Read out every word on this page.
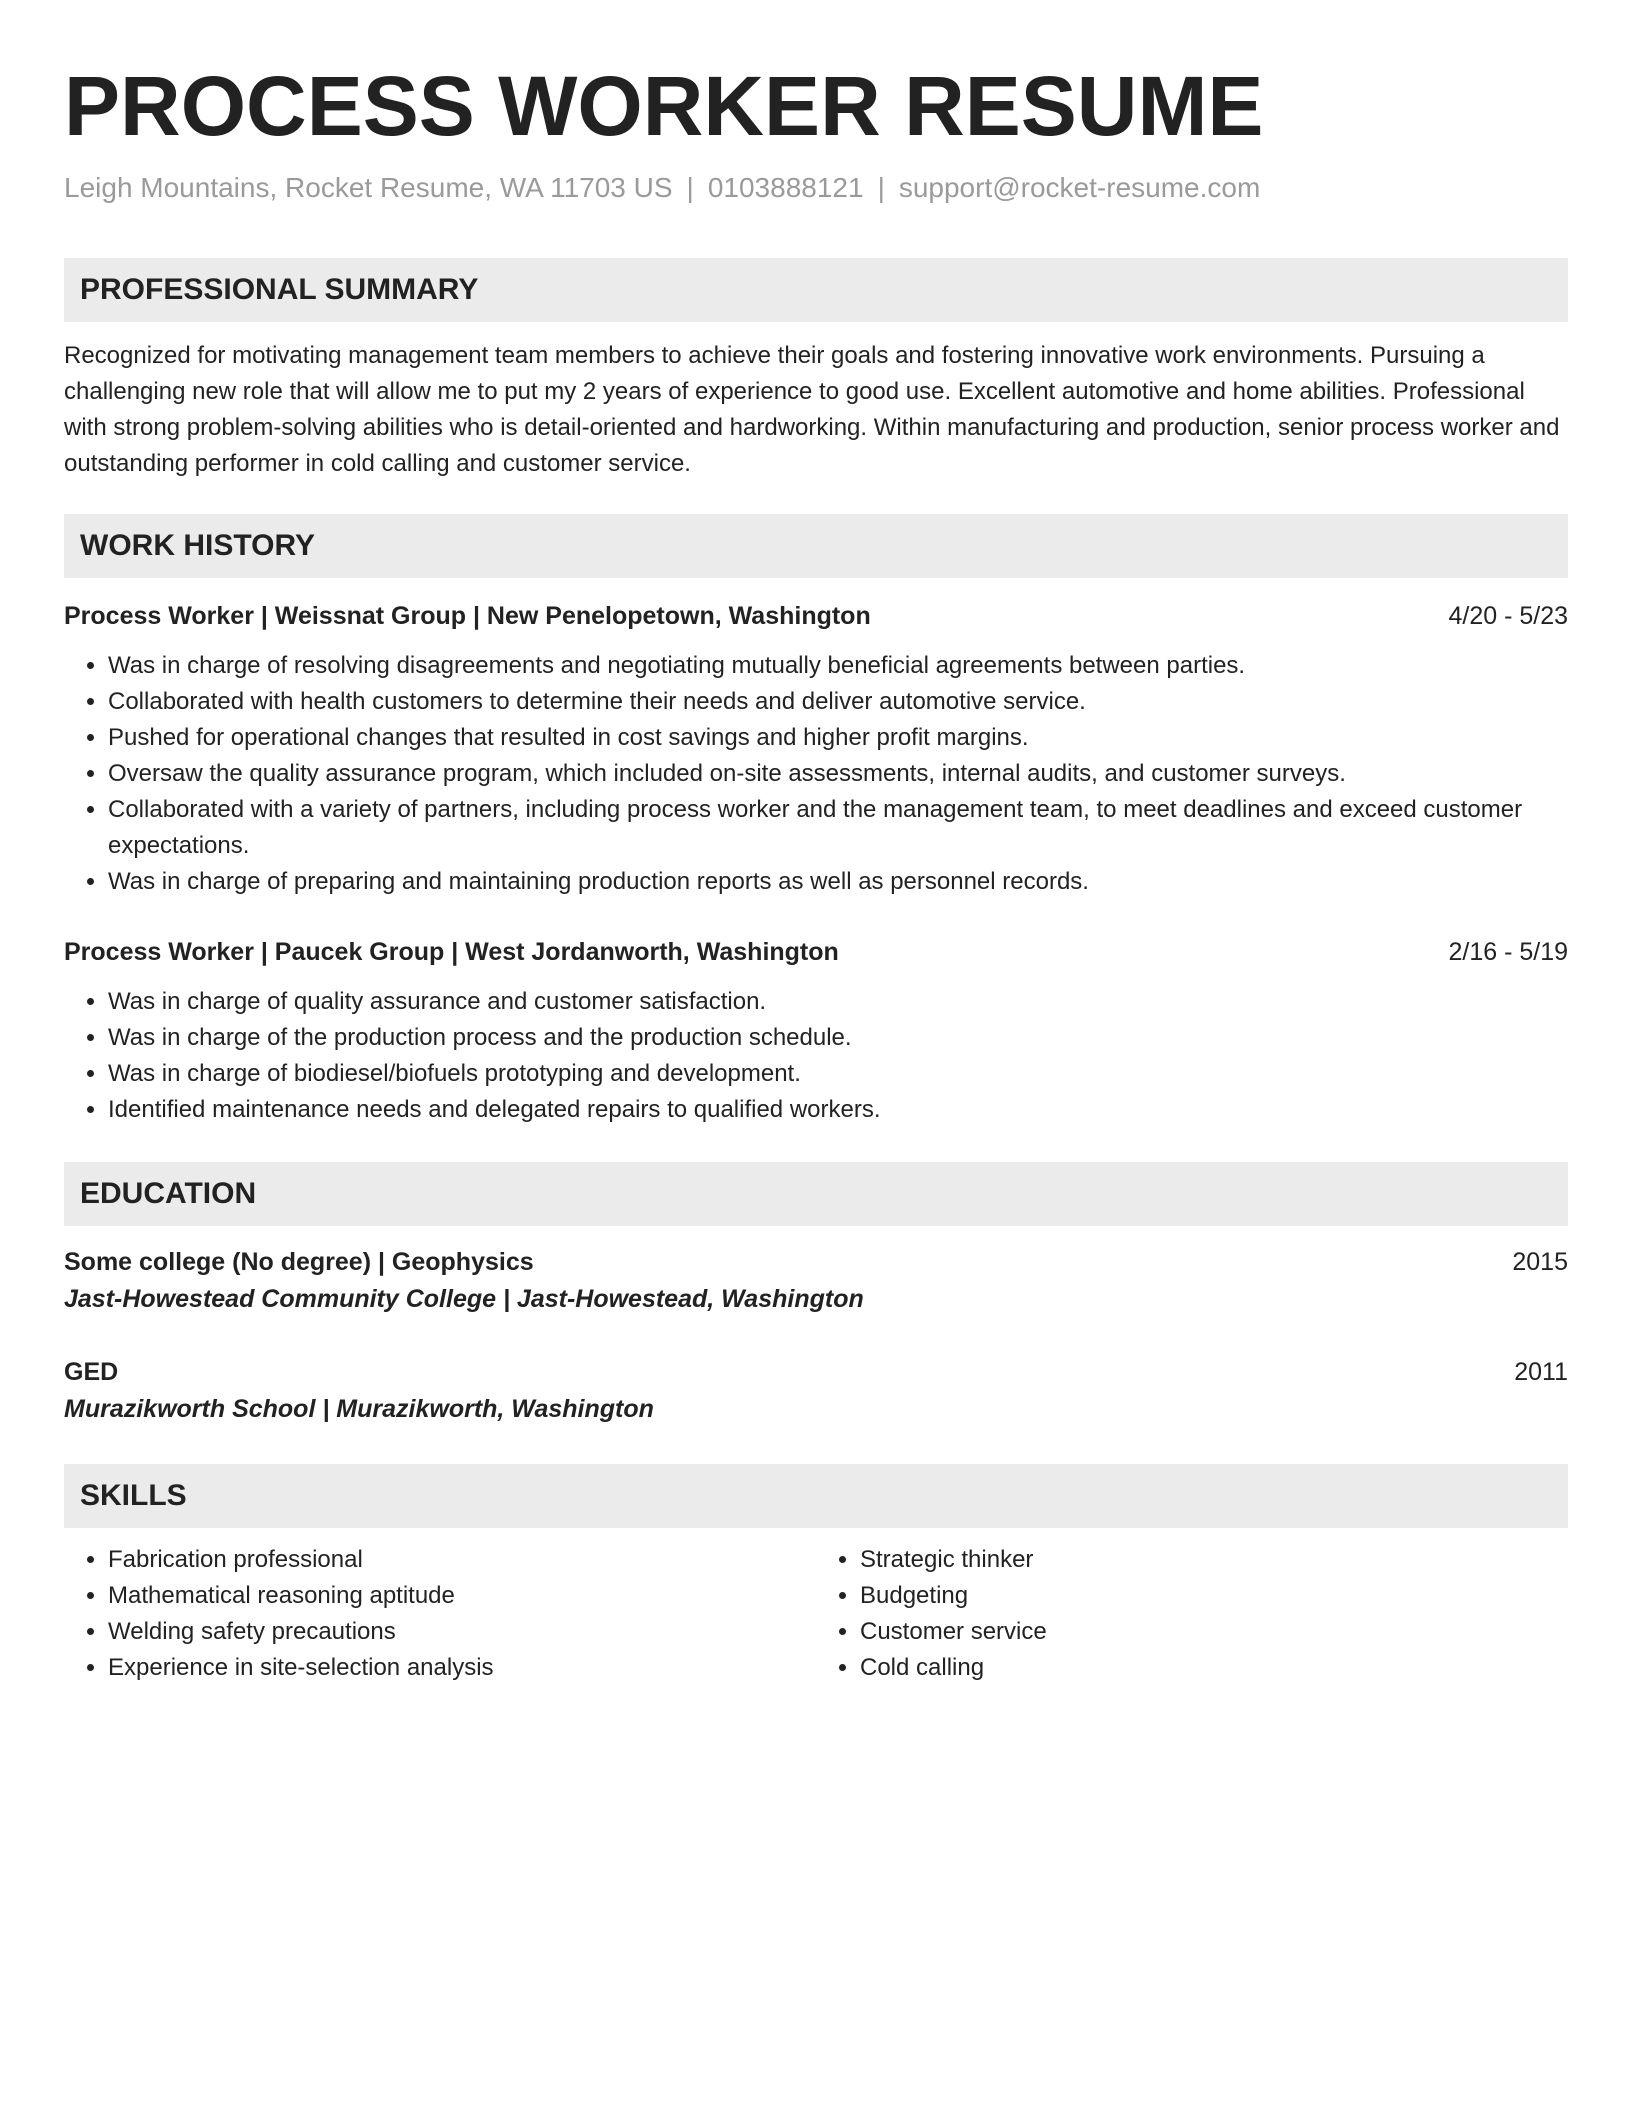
PROCESS WORKER RESUME
Leigh Mountains, Rocket Resume, WA 11703 US | 0103888121 | support@rocket-resume.com
PROFESSIONAL SUMMARY
Recognized for motivating management team members to achieve their goals and fostering innovative work environments. Pursuing a challenging new role that will allow me to put my 2 years of experience to good use. Excellent automotive and home abilities. Professional with strong problem-solving abilities who is detail-oriented and hardworking. Within manufacturing and production, senior process worker and outstanding performer in cold calling and customer service.
WORK HISTORY
Process Worker | Weissnat Group | New Penelopetown, Washington	4/20 - 5/23
• Was in charge of resolving disagreements and negotiating mutually beneficial agreements between parties.
• Collaborated with health customers to determine their needs and deliver automotive service.
• Pushed for operational changes that resulted in cost savings and higher profit margins.
• Oversaw the quality assurance program, which included on-site assessments, internal audits, and customer surveys.
• Collaborated with a variety of partners, including process worker and the management team, to meet deadlines and exceed customer expectations.
• Was in charge of preparing and maintaining production reports as well as personnel records.
Process Worker | Paucek Group | West Jordanworth, Washington	2/16 - 5/19
• Was in charge of quality assurance and customer satisfaction.
• Was in charge of the production process and the production schedule.
• Was in charge of biodiesel/biofuels prototyping and development.
• Identified maintenance needs and delegated repairs to qualified workers.
EDUCATION
Some college (No degree) | Geophysics	2015
Jast-Howestead Community College | Jast-Howestead, Washington
GED	2011
Murazikworth School | Murazikworth, Washington
SKILLS
• Fabrication professional
• Mathematical reasoning aptitude
• Welding safety precautions
• Experience in site-selection analysis
• Strategic thinker
• Budgeting
• Customer service
• Cold calling
